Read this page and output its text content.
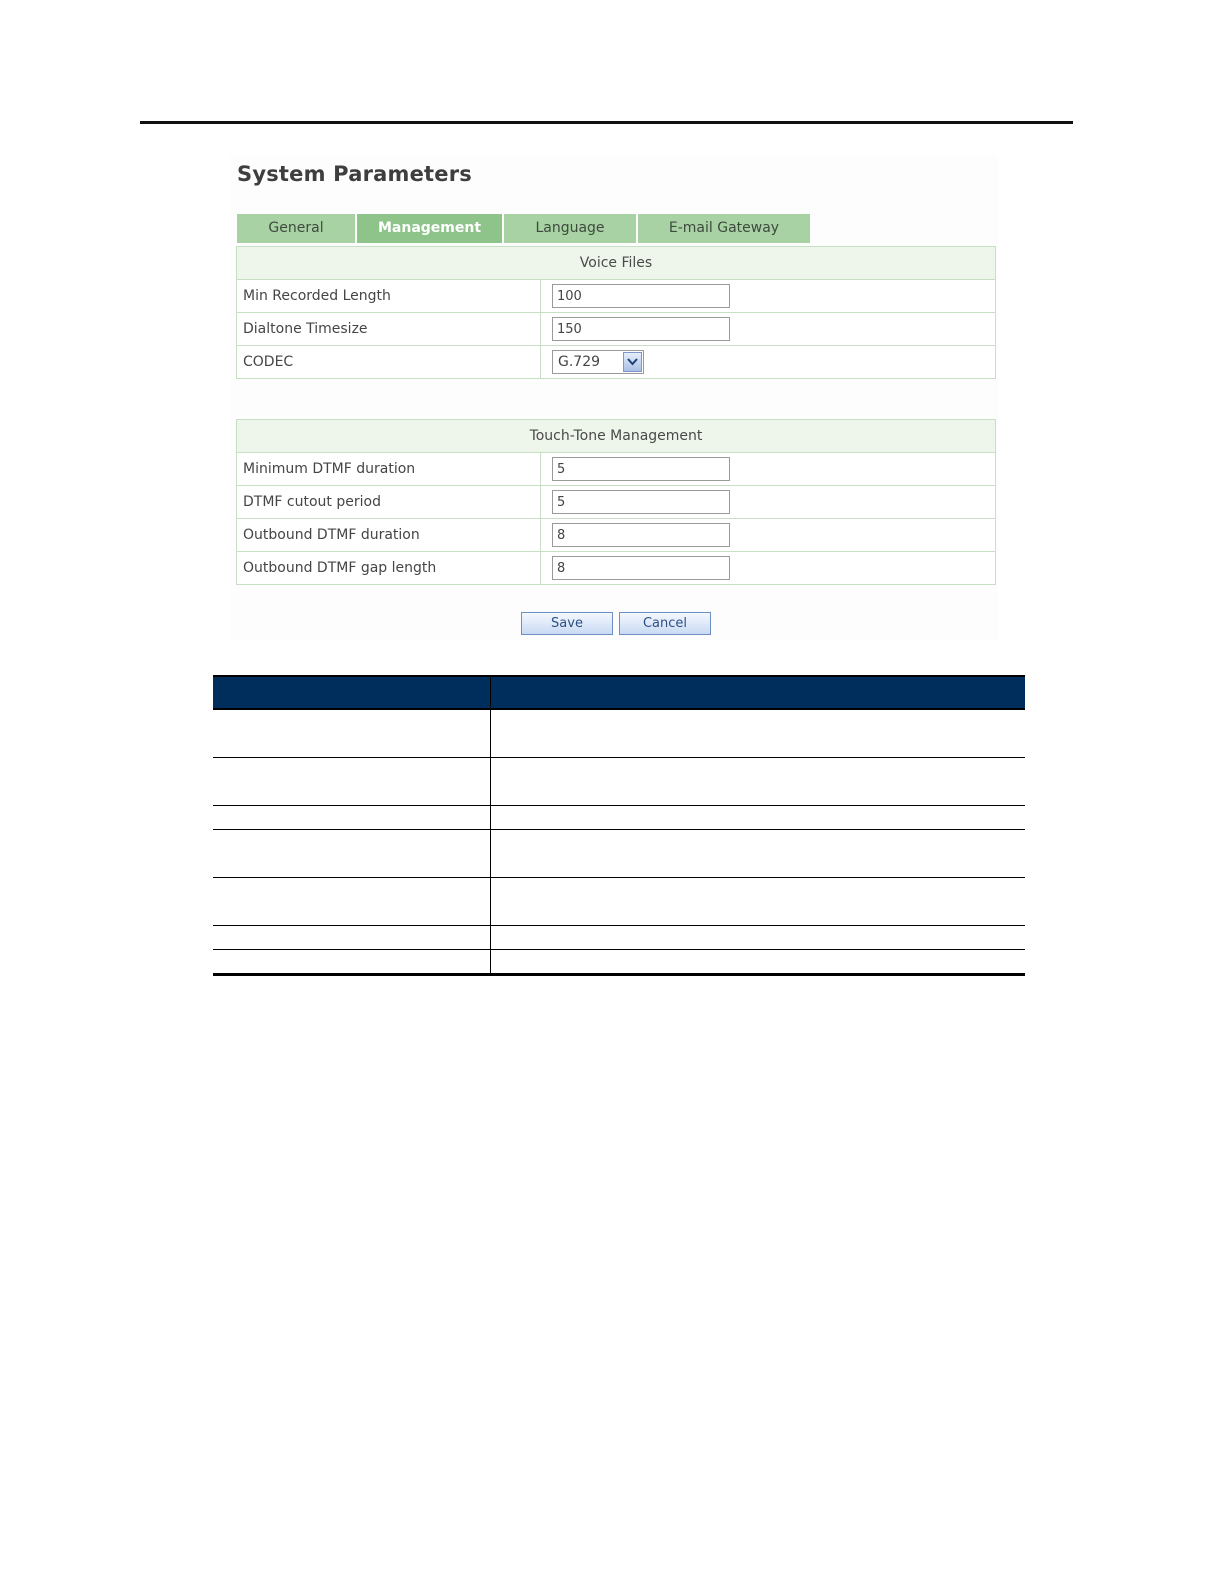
System Parameters
General	Management	Language	E-mail Gateway
Voice Files	
Min Recorded Length	100
Dialtone Timesize	150
CODEC	G.729
Touch-Tone Management	
Minimum DTMF duration	5
DTMF cutout period	5
Outbound DTMF duration	8
Outbound DTMF gap length	8
Save	Cancel
